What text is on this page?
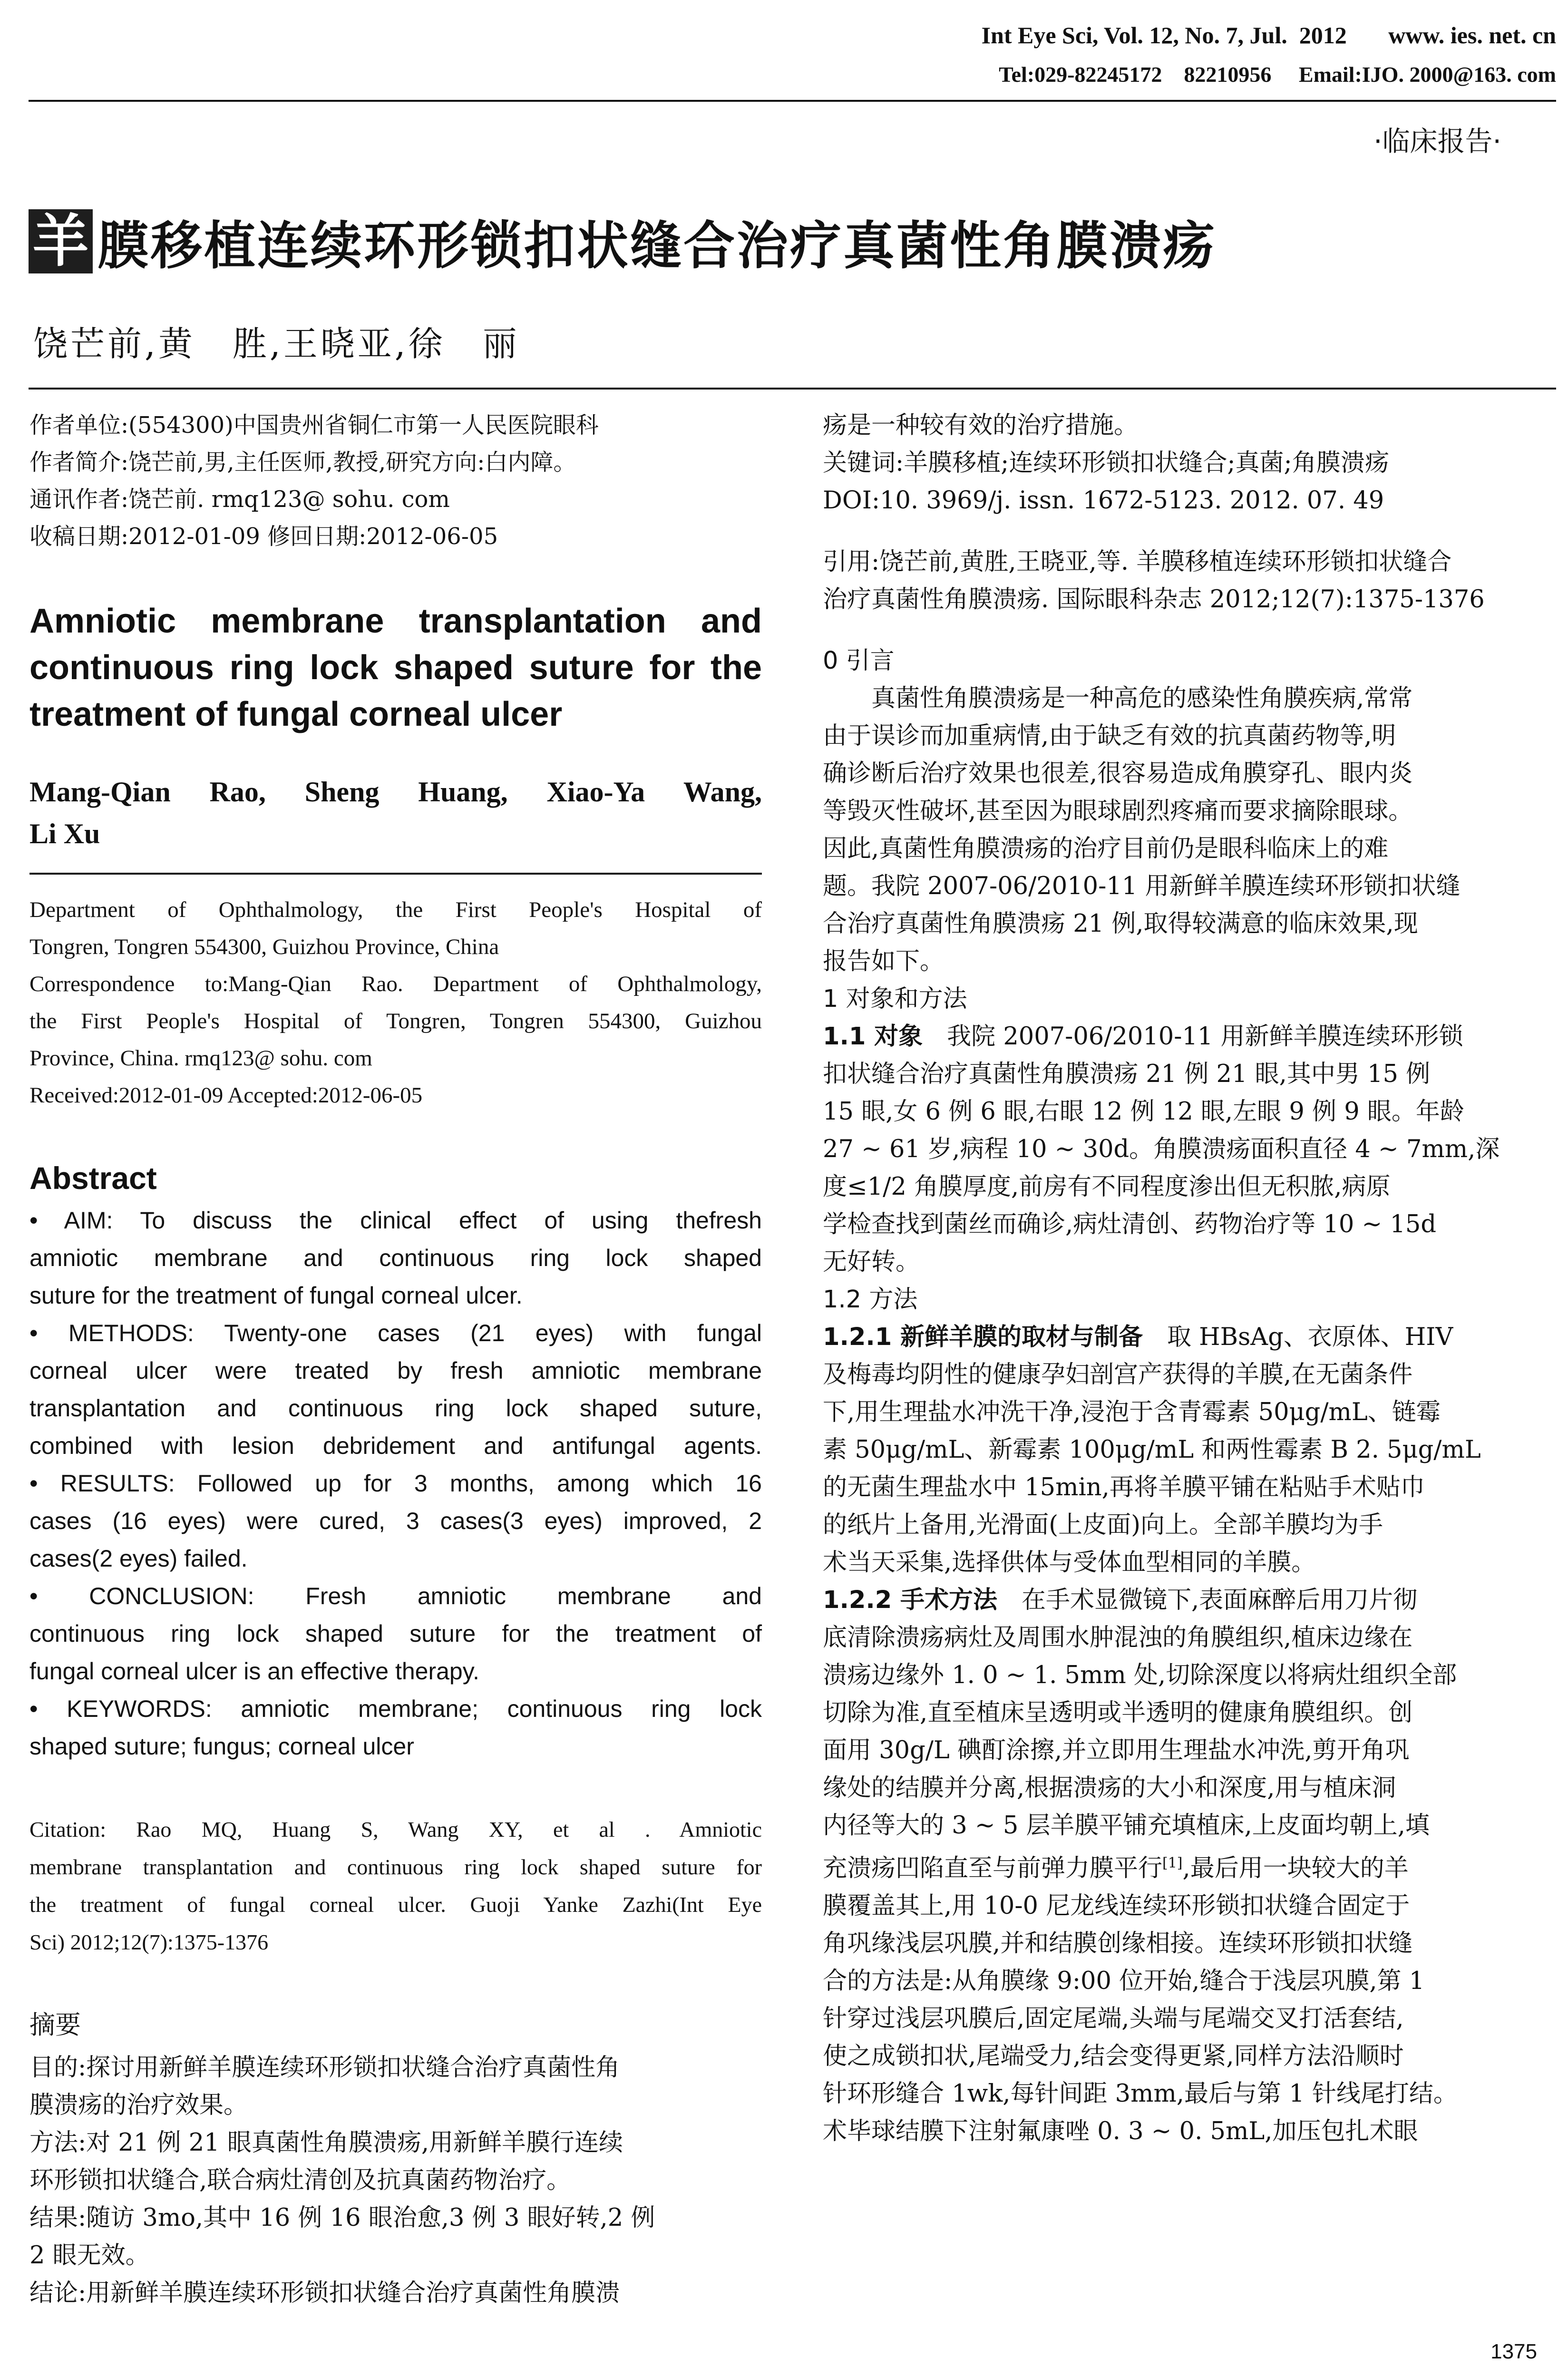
Int Eye Sci, Vol. 12, No. 7, Jul.  2012       www. ies. net. cn
Tel:029-82245172    82210956     Email:IJO. 2000@163. com
·临床报告·
羊 膜移植连续环形锁扣状缝合治疗真菌性角膜溃疡
饶芒前,黄　胜,王晓亚,徐　丽
作者单位:(554300)中国贵州省铜仁市第一人民医院眼科
作者简介:饶芒前,男,主任医师,教授,研究方向:白内障。
通讯作者:饶芒前. rmq123@ sohu. com
收稿日期:2012-01-09 修回日期:2012-06-05
Amniotic membrane transplantation and
continuous ring lock shaped suture for the
treatment of fungal corneal ulcer
Mang-Qian Rao, Sheng Huang, Xiao-Ya Wang,
Li Xu
Department of Ophthalmology, the First People's Hospital of
Tongren, Tongren 554300, Guizhou Province, China
Correspondence to:Mang-Qian Rao. Department of Ophthalmology,
the First People's Hospital of Tongren, Tongren 554300, Guizhou
Province, China. rmq123@ sohu. com
Received:2012-01-09 Accepted:2012-06-05
Abstract
• AIM: To discuss the clinical effect of using thefresh
amniotic membrane and continuous ring lock shaped
suture for the treatment of fungal corneal ulcer.
• METHODS: Twenty-one cases (21 eyes) with fungal
corneal ulcer were treated by fresh amniotic membrane
transplantation and continuous ring lock shaped suture,
combined with lesion debridement and antifungal agents.
• RESULTS: Followed up for 3 months, among which 16
cases (16 eyes) were cured, 3 cases(3 eyes) improved, 2
cases(2 eyes) failed.
• CONCLUSION: Fresh amniotic membrane and
continuous ring lock shaped suture for the treatment of
fungal corneal ulcer is an effective therapy.
• KEYWORDS: amniotic membrane; continuous ring lock
shaped suture; fungus; corneal ulcer
Citation: Rao MQ, Huang S, Wang XY, et al . Amniotic
membrane transplantation and continuous ring lock shaped suture for
the treatment of fungal corneal ulcer. Guoji Yanke Zazhi(Int Eye
Sci) 2012;12(7):1375-1376
摘要
目的:探讨用新鲜羊膜连续环形锁扣状缝合治疗真菌性角
膜溃疡的治疗效果。
方法:对 21 例 21 眼真菌性角膜溃疡,用新鲜羊膜行连续
环形锁扣状缝合,联合病灶清创及抗真菌药物治疗。
结果:随访 3mo,其中 16 例 16 眼治愈,3 例 3 眼好转,2 例
2 眼无效。
结论:用新鲜羊膜连续环形锁扣状缝合治疗真菌性角膜溃
疡是一种较有效的治疗措施。
关键词:羊膜移植;连续环形锁扣状缝合;真菌;角膜溃疡
DOI:10. 3969/j. issn. 1672-5123. 2012. 07. 49
引用:饶芒前,黄胜,王晓亚,等. 羊膜移植连续环形锁扣状缝合
治疗真菌性角膜溃疡. 国际眼科杂志 2012;12(7):1375-1376
0 引言
　　真菌性角膜溃疡是一种高危的感染性角膜疾病,常常
由于误诊而加重病情,由于缺乏有效的抗真菌药物等,明
确诊断后治疗效果也很差,很容易造成角膜穿孔、眼内炎
等毁灭性破坏,甚至因为眼球剧烈疼痛而要求摘除眼球。
因此,真菌性角膜溃疡的治疗目前仍是眼科临床上的难
题。我院 2007-06/2010-11 用新鲜羊膜连续环形锁扣状缝
合治疗真菌性角膜溃疡 21 例,取得较满意的临床效果,现
报告如下。
1 对象和方法
1.1 对象　我院 2007-06/2010-11 用新鲜羊膜连续环形锁
扣状缝合治疗真菌性角膜溃疡 21 例 21 眼,其中男 15 例
15 眼,女 6 例 6 眼,右眼 12 例 12 眼,左眼 9 例 9 眼。年龄
27 ~ 61 岁,病程 10 ~ 30d。角膜溃疡面积直径 4 ~ 7mm,深
度≤1/2 角膜厚度,前房有不同程度渗出但无积脓,病原
学检查找到菌丝而确诊,病灶清创、药物治疗等 10 ~ 15d
无好转。
1.2 方法
1.2.1 新鲜羊膜的取材与制备　取 HBsAg、衣原体、HIV
及梅毒均阴性的健康孕妇剖宫产获得的羊膜,在无菌条件
下,用生理盐水冲洗干净,浸泡于含青霉素 50μg/mL、链霉
素 50μg/mL、新霉素 100μg/mL 和两性霉素 B 2. 5μg/mL
的无菌生理盐水中 15min,再将羊膜平铺在粘贴手术贴巾
的纸片上备用,光滑面(上皮面)向上。全部羊膜均为手
术当天采集,选择供体与受体血型相同的羊膜。
1.2.2 手术方法　在手术显微镜下,表面麻醉后用刀片彻
底清除溃疡病灶及周围水肿混浊的角膜组织,植床边缘在
溃疡边缘外 1. 0 ~ 1. 5mm 处,切除深度以将病灶组织全部
切除为准,直至植床呈透明或半透明的健康角膜组织。创
面用 30g/L 碘酊涂擦,并立即用生理盐水冲洗,剪开角巩
缘处的结膜并分离,根据溃疡的大小和深度,用与植床洞
内径等大的 3 ~ 5 层羊膜平铺充填植床,上皮面均朝上,填
充溃疡凹陷直至与前弹力膜平行[1],最后用一块较大的羊
膜覆盖其上,用 10-0 尼龙线连续环形锁扣状缝合固定于
角巩缘浅层巩膜,并和结膜创缘相接。连续环形锁扣状缝
合的方法是:从角膜缘 9:00 位开始,缝合于浅层巩膜,第 1
针穿过浅层巩膜后,固定尾端,头端与尾端交叉打活套结,
使之成锁扣状,尾端受力,结会变得更紧,同样方法沿顺时
针环形缝合 1wk,每针间距 3mm,最后与第 1 针线尾打结。
术毕球结膜下注射氟康唑 0. 3 ~ 0. 5mL,加压包扎术眼
1375
